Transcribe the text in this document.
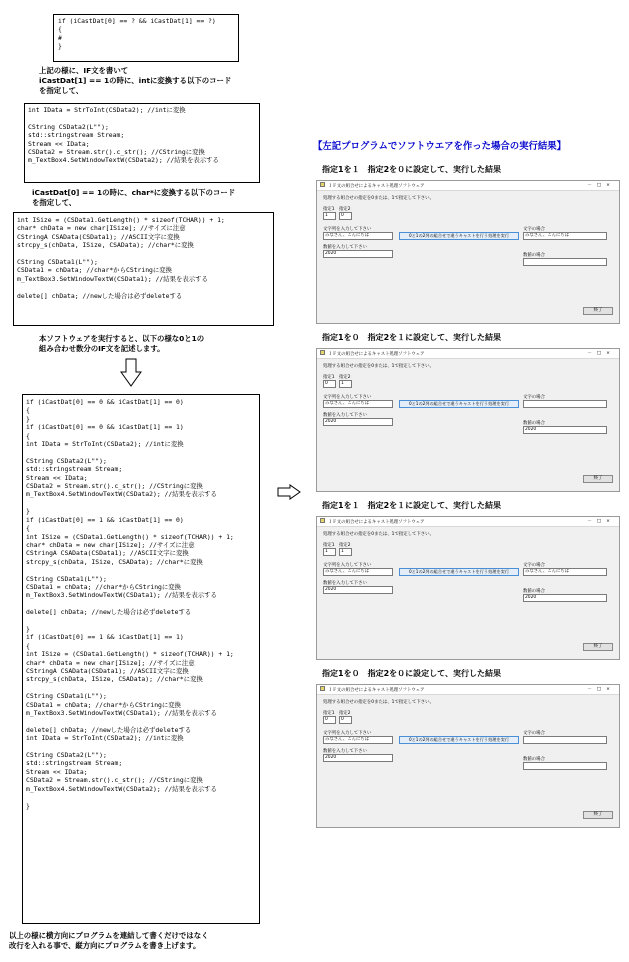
if (iCastDat[0] == ? && iCastDat[1] == ?)
{
#
}
上記の様に、IF文を書いて
iCastDat[1] == 1の時に、intに変換する以下のコード
を指定して、
int IData = StrToInt(CSData2); //intに変換

CString CSData2(L"");
std::stringstream Stream;
Stream << IData;
CSData2 = Stream.str().c_str(); //CStringに変換
m_TextBox4.SetWindowTextW(CSData2); //結果を表示する
iCastDat[0] == 1の時に、char*に変換する以下のコード
を指定して、
int ISize = (CSData1.GetLength() * sizeof(TCHAR)) + 1;
char* chData = new char[ISize]; //サイズに注意
CStringA CSAData(CSData1); //ASCII文字に変換
strcpy_s(chData, ISize, CSAData); //char*に変換

CString CSData1(L"");
CSData1 = chData; //char*からCStringに変換
m_TextBox3.SetWindowTextW(CSData1); //結果を表示する

delete[] chData; //newした場合は必ずdeleteする
本ソフトウェアを実行すると、以下の様な0と1の
組み合わせ数分のIF文を記述します。
if (iCastDat[0] == 0 && iCastDat[1] == 0)
{
}
if (iCastDat[0] == 0 && iCastDat[1] == 1)
{
int IData = StrToInt(CSData2); //intに変換

CString CSData2(L"");
std::stringstream Stream;
Stream << IData;
CSData2 = Stream.str().c_str(); //CStringに変換
m_TextBox4.SetWindowTextW(CSData2); //結果を表示する

}
if (iCastDat[0] == 1 && iCastDat[1] == 0)
{
int ISize = (CSData1.GetLength() * sizeof(TCHAR)) + 1;
char* chData = new char[ISize]; //サイズに注意
CStringA CSAData(CSData1); //ASCII文字に変換
strcpy_s(chData, ISize, CSAData); //char*に変換

CString CSData1(L"");
CSData1 = chData; //char*からCStringに変換
m_TextBox3.SetWindowTextW(CSData1); //結果を表示する

delete[] chData; //newした場合は必ずdeleteする

}
if (iCastDat[0] == 1 && iCastDat[1] == 1)
{
int ISize = (CSData1.GetLength() * sizeof(TCHAR)) + 1;
char* chData = new char[ISize]; //サイズに注意
CStringA CSAData(CSData1); //ASCII文字に変換
strcpy_s(chData, ISize, CSAData); //char*に変換

CString CSData1(L"");
CSData1 = chData; //char*からCStringに変換
m_TextBox3.SetWindowTextW(CSData1); //結果を表示する

delete[] chData; //newした場合は必ずdeleteする
int IData = StrToInt(CSData2); //intに変換

CString CSData2(L"");
std::stringstream Stream;
Stream << IData;
CSData2 = Stream.str().c_str(); //CStringに変換
m_TextBox4.SetWindowTextW(CSData2); //結果を表示する

}
以上の様に横方向にプログラムを連結して書くだけではなく
改行を入れる事で、縦方向にプログラムを書き上げます。
【左記プログラムでソフトウエアを作った場合の実行結果】
指定1を１　指定2を０に設定して、実行した結果
ＩＦ文の組合せによるキャスト処理ソフトウェア	－□×
処理する組合せの指定を0または、1で指定して下さい。
指定1 指定2
1	0
文字列を入力して下さい
みなさん、こんにちは	0と1の2列の組合せで違うキャストを行う処理を実行
文字の場合
みなさん、こんにちは
数値を入力して下さい
2020	数値の場合
終了
指定1を０　指定2を１に設定して、実行した結果
ＩＦ文の組合せによるキャスト処理ソフトウェア	－□×
処理する組合せの指定を0または、1で指定して下さい。
指定1 指定2
0	1
文字列を入力して下さい
みなさん、こんにちは	0と1の2列の組合せで違うキャストを行う処理を実行
文字の場合
数値を入力して下さい
2020	数値の場合
2020
終了
指定1を１　指定2を１に設定して、実行した結果
ＩＦ文の組合せによるキャスト処理ソフトウェア	－□×
処理する組合せの指定を0または、1で指定して下さい。
指定1 指定2
1	1
文字列を入力して下さい
みなさん、こんにちは	0と1の2列の組合せで違うキャストを行う処理を実行
文字の場合
みなさん、こんにちは
数値を入力して下さい
2020	数値の場合
2020
終了
指定1を０　指定2を０に設定して、実行した結果
ＩＦ文の組合せによるキャスト処理ソフトウェア	－□×
処理する組合せの指定を0または、1で指定して下さい。
指定1 指定2
0	0
文字列を入力して下さい
みなさん、こんにちは	0と1の2列の組合せで違うキャストを行う処理を実行
文字の場合
数値を入力して下さい
2020	数値の場合
終了
